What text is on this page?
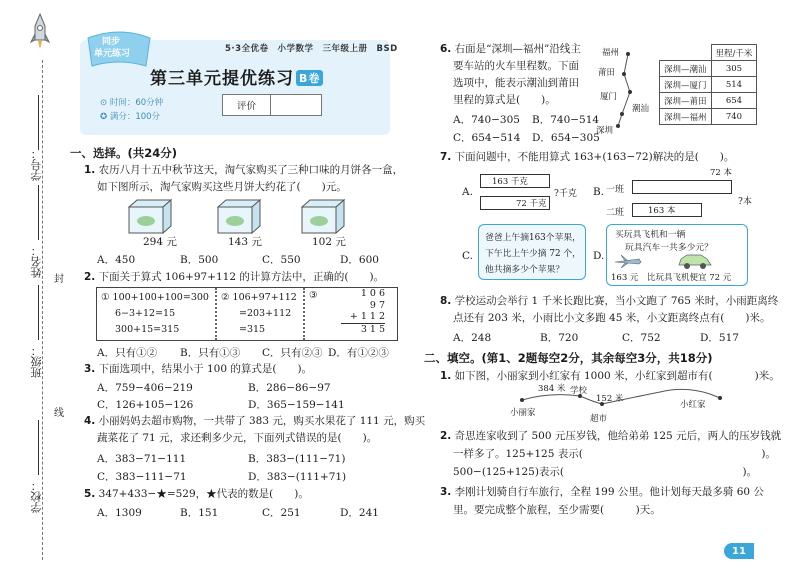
学号：
姓名：
封
班级：
线
学校：
同步
单元练习	5·3全优卷　小学数学　三年级上册　BSD
第三单元提优练习 B卷
⊙ 时间：60分钟
✪ 满分：100分
评价
一、选择。(共24分)
1. 农历八月十五中秋节这天，淘气家购买了三种口味的月饼各一盒，
如下图所示，淘气家购买这些月饼大约花了(　　)元。
294 元	143 元	102 元
A．450	B．500	C．550	D．600
2. 下面关于算式 106+97+112 的计算方法中，正确的(　　)。
① 100+100+100=300
6−3+12=15
300+15=315
② 106+97+112
=203+112
=315
③	1 0 6
9 7
+ 1 1 2
3 1 5
A．只有①② B．只有①③ C．只有②③ D．有①②③
3. 下面选项中，结果小于 100 的算式是(　　)。
A．759−406−219	B．286−86−97
C．126+105−126	D．365−159−141
4. 小丽妈妈去超市购物，一共带了 383 元，购买水果花了 111 元，购买
蔬菜花了 71 元，求还剩多少元，下面列式错误的是(　　)。
A．383−71−111	B．383−(111−71)
C．383−111−71	D．383−(111+71)
5. 347+433−★=529，★代表的数是(　　)。
A．1309	B．151	C．251	D．241
6. 右面是“深圳—福州”沿线主
要车站的火车里程数。下面
选项中，能表示潮汕到莆田
里程的算式是(　　)。
A．740−305 B．740−514
C．654−514 D．654−305
福州
莆田
厦门
潮汕
深圳
	里程/千米
深圳—潮汕	305
深圳—厦门	514
深圳—莆田	654
深圳—福州	740
7. 下面问题中，不能用算式 163+(163−72)解决的是(　　)。
A.
163 千克
72 千克
?千克 B. 一班
72 本
二班	163 本
?本
C.
爸爸上午摘163个苹果，
下午比上午少摘 72 个，
他共摘多少个苹果？
D.
买玩具飞机和一辆
玩具汽车一共多少元？
163 元 比玩具飞机便宜 72 元
8. 学校运动会举行 1 千米长跑比赛，当小文跑了 765 米时，小雨距离终
点还有 203 米，小雨比小文多跑 45 米，小文距离终点有(　　)米。
A．248	B．720	C．752	D．517
二、填空。(第1、2题每空2分，其余每空3分，共18分)
1. 如下图，小丽家到小红家有 1000 米，小红家到超市有(　　　　)米。
384 米
152 米
小丽家
学校
超市
小红家
2. 奇思连家收到了 500 元压岁钱，他给弟弟 125 元后，两人的压岁钱就
一样多了。125+125 表示(　　　　　　　　　　　　　　　　　)。
500−(125+125)表示(　　　　　　　　　　　　　　　　　)。
3. 李刚计划骑自行车旅行，全程 199 公里。他计划每天最多骑 60 公
里。要完成整个旅程，至少需要(　　　)天。
11
